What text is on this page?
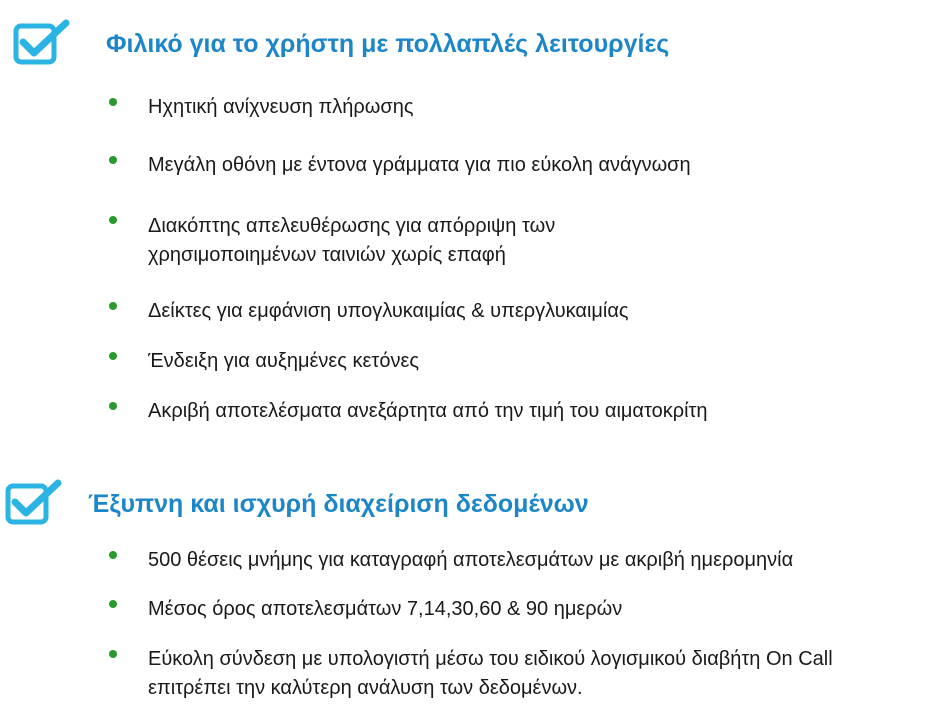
Φιλικό για το χρήστη με πολλαπλές λειτουργίες
Ηχητική ανίχνευση πλήρωσης
Μεγάλη οθόνη με έντονα γράμματα για πιο εύκολη ανάγνωση
Διακόπτης απελευθέρωσης για απόρριψη των
χρησιμοποιημένων ταινιών χωρίς επαφή
Δείκτες για εμφάνιση υπογλυκαιμίας & υπεργλυκαιμίας
Ένδειξη για αυξημένες κετόνες
Ακριβή αποτελέσματα ανεξάρτητα από την τιμή του αιματοκρίτη
Έξυπνη και ισχυρή διαχείριση δεδομένων
500 θέσεις μνήμης για καταγραφή αποτελεσμάτων με ακριβή ημερομηνία
Μέσος όρος αποτελεσμάτων 7,14,30,60 & 90 ημερών
Εύκολη σύνδεση με υπολογιστή μέσω του ειδικού λογισμικού διαβήτη On Call
επιτρέπει την καλύτερη ανάλυση των δεδομένων.
